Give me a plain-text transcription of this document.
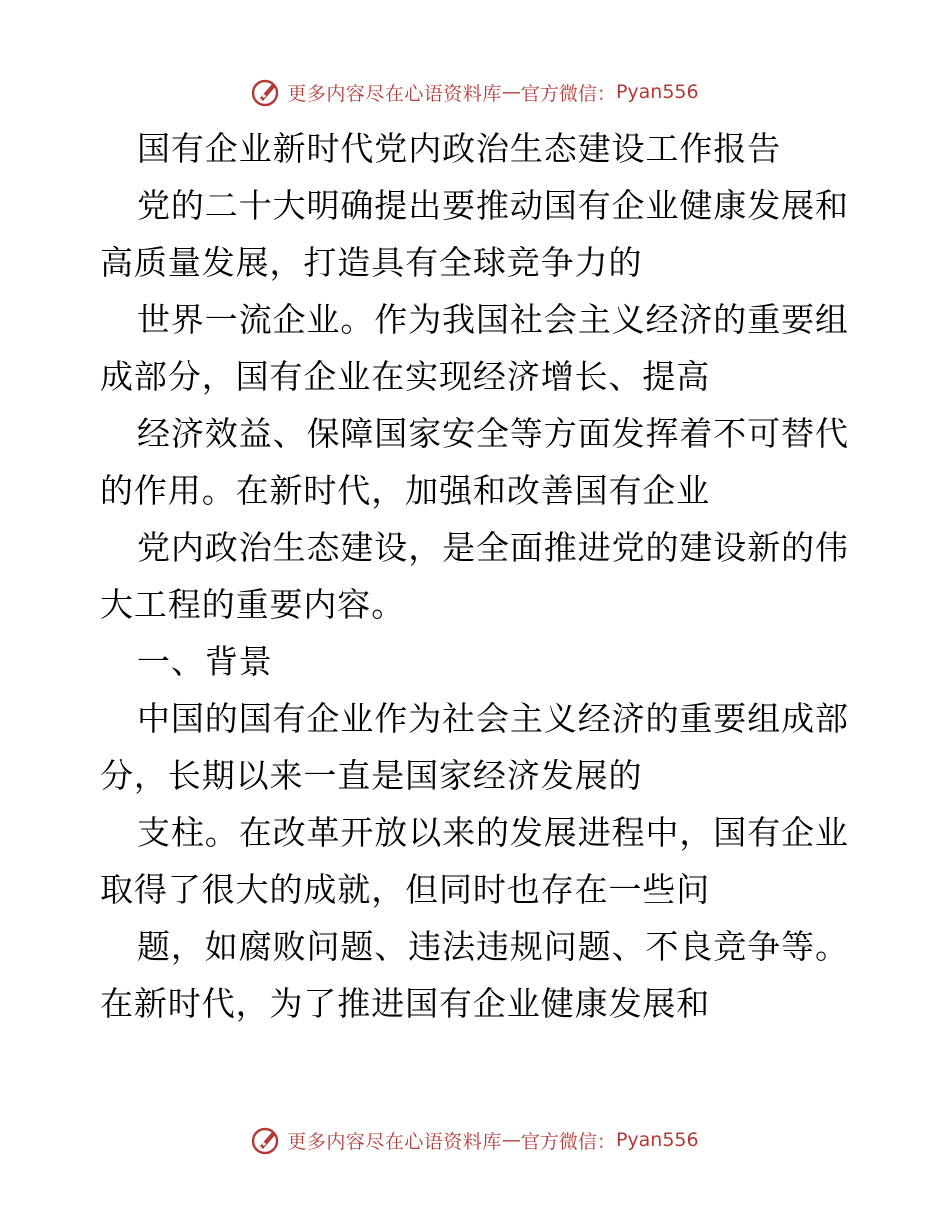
更多内容尽在心语资料库 — 官方微信： Pyan556
国有企业新时代党内政治生态建设工作报告
党的二十大明确提出要推动国有企业健康发展和
高质量发展，打造具有全球竞争力的
世界一流企业。作为我国社会主义经济的重要组
成部分，国有企业在实现经济增长、提高
经济效益、保障国家安全等方面发挥着不可替代
的作用。在新时代，加强和改善国有企业
党内政治生态建设，是全面推进党的建设新的伟
大工程的重要内容。
一、背景
中国的国有企业作为社会主义经济的重要组成部
分，长期以来一直是国家经济发展的
支柱。在改革开放以来的发展进程中，国有企业
取得了很大的成就，但同时也存在一些问
题，如腐败问题、违法违规问题、不良竞争等。
在新时代，为了推进国有企业健康发展和
更多内容尽在心语资料库 — 官方微信： Pyan556
